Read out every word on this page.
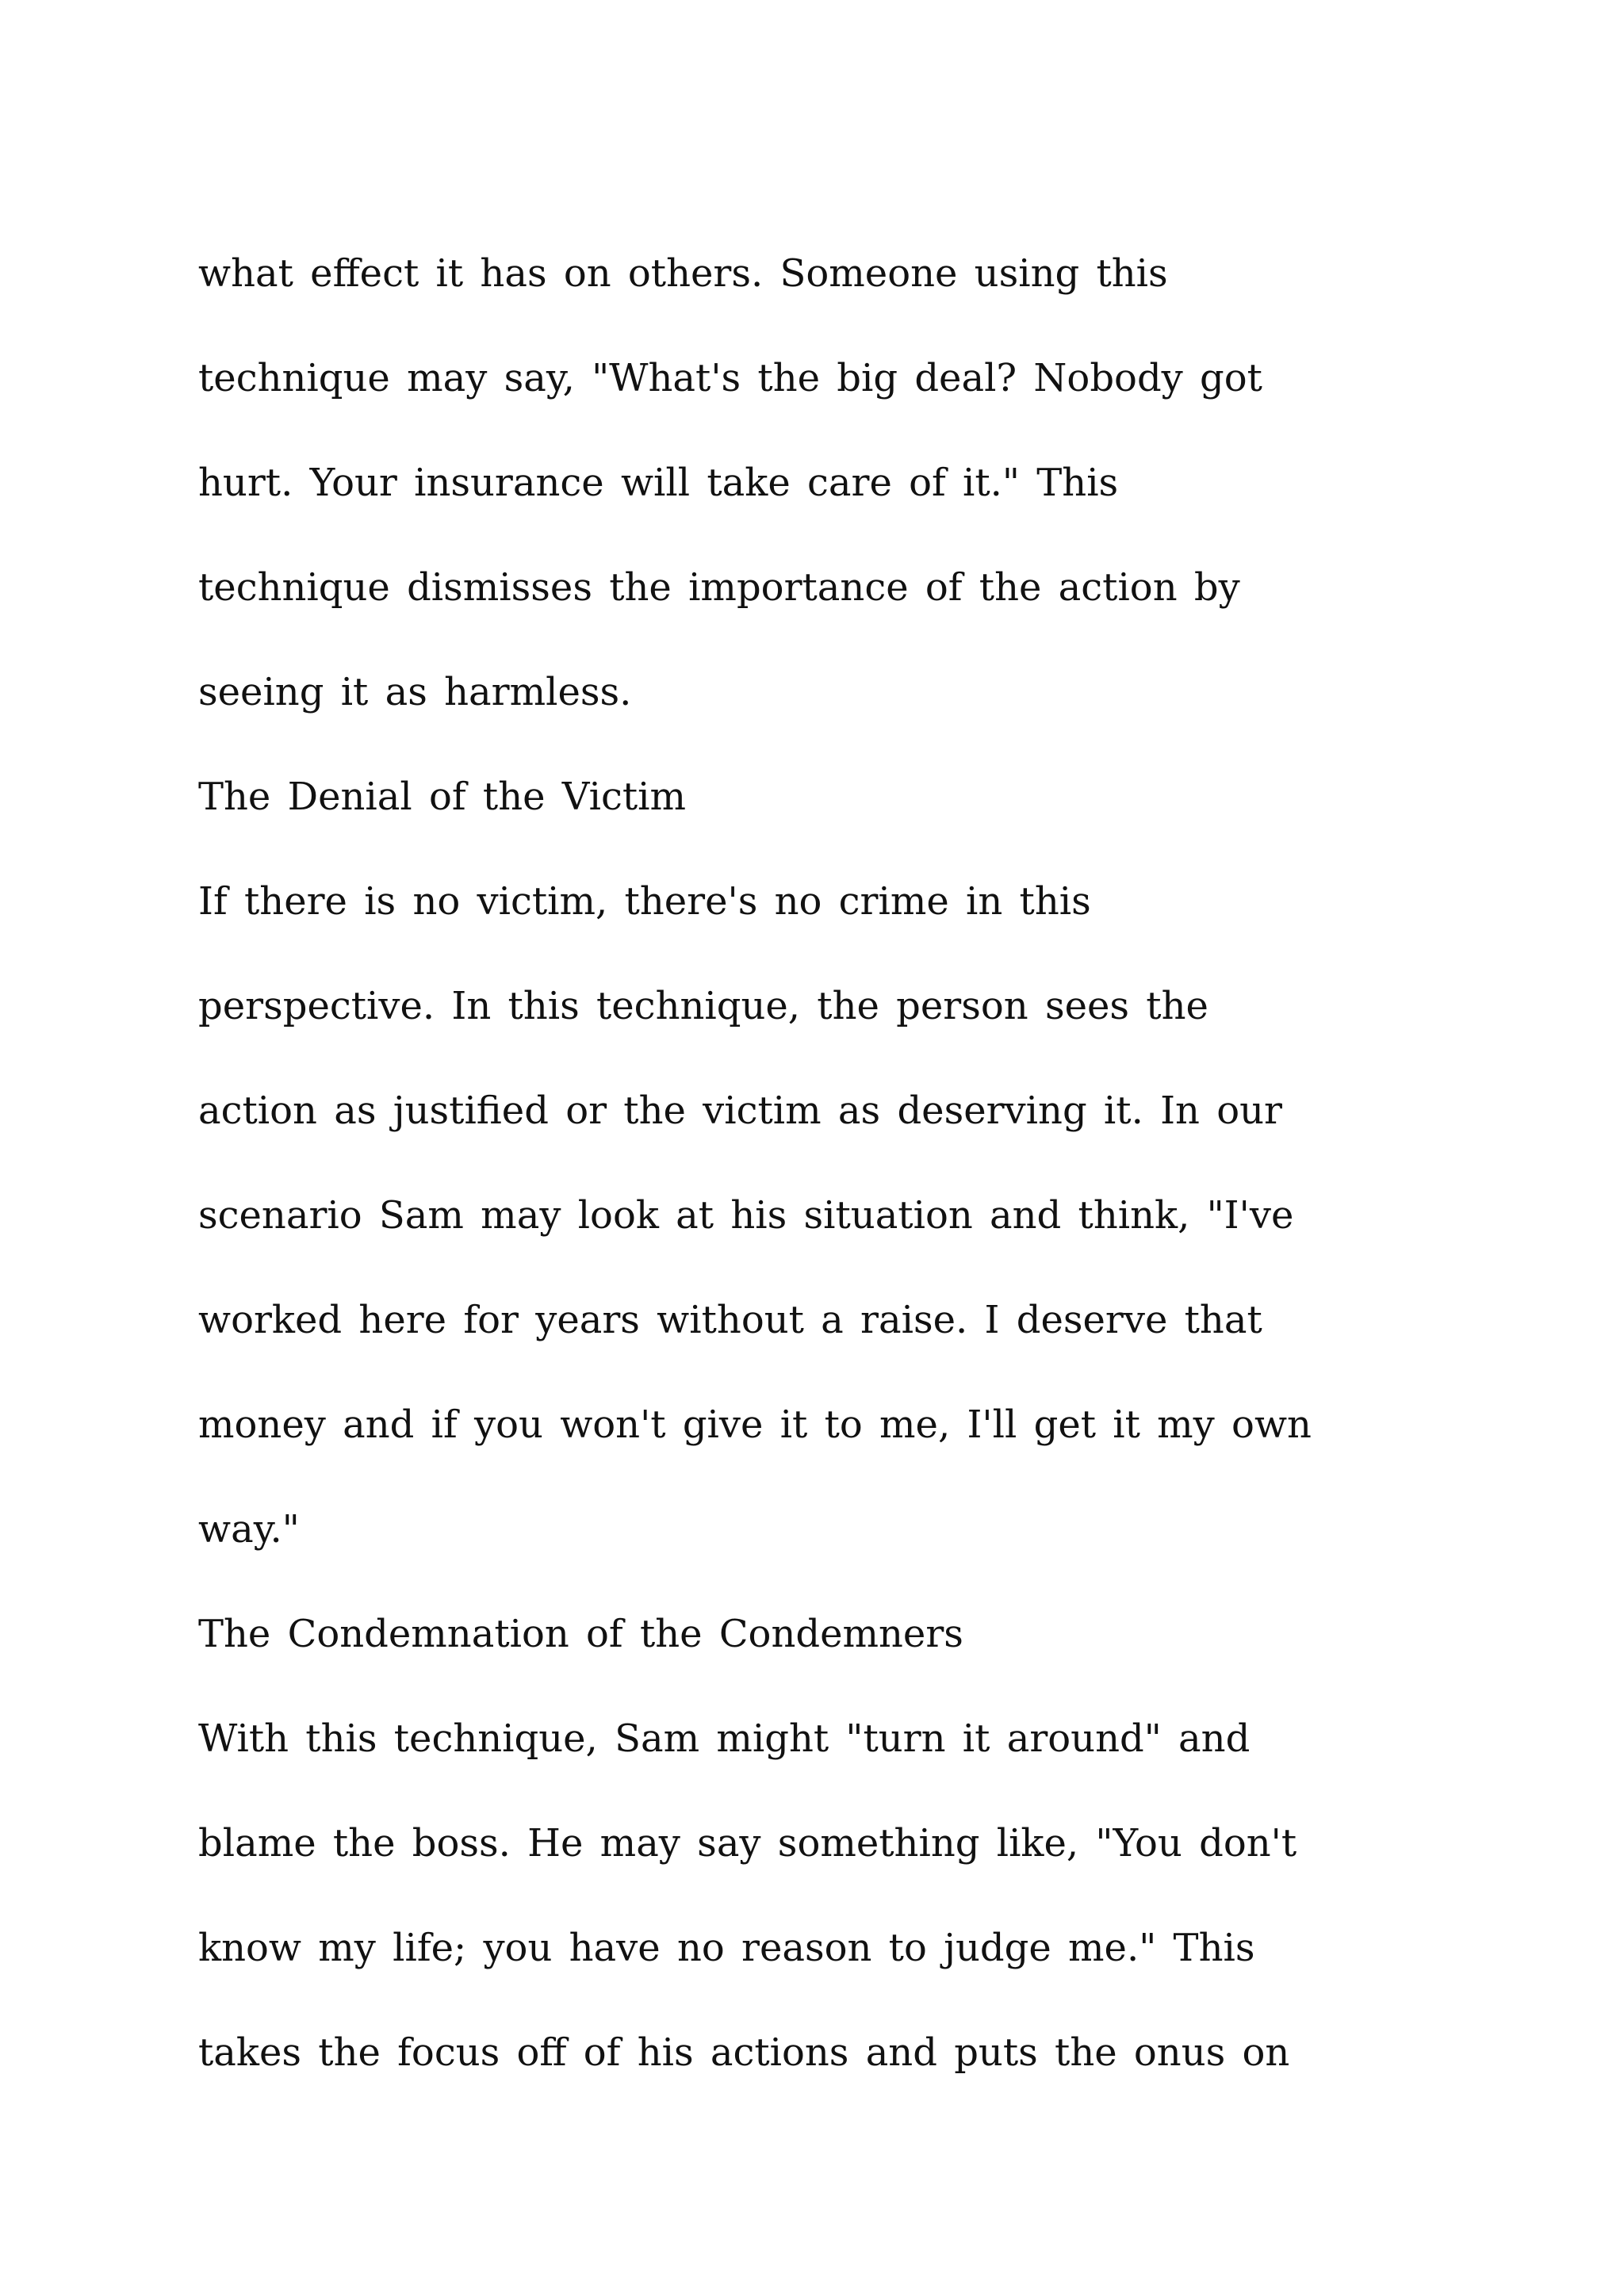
what effect it has on others. Someone using this
technique may say, "What's the big deal? Nobody got
hurt. Your insurance will take care of it." This
technique dismisses the importance of the action by
seeing it as harmless.
The Denial of the Victim
If there is no victim, there's no crime in this
perspective. In this technique, the person sees the
action as justified or the victim as deserving it. In our
scenario Sam may look at his situation and think, "I've
worked here for years without a raise. I deserve that
money and if you won't give it to me, I'll get it my own
way."
The Condemnation of the Condemners
With this technique, Sam might "turn it around" and
blame the boss. He may say something like, "You don't
know my life; you have no reason to judge me." This
takes the focus off of his actions and puts the onus on
